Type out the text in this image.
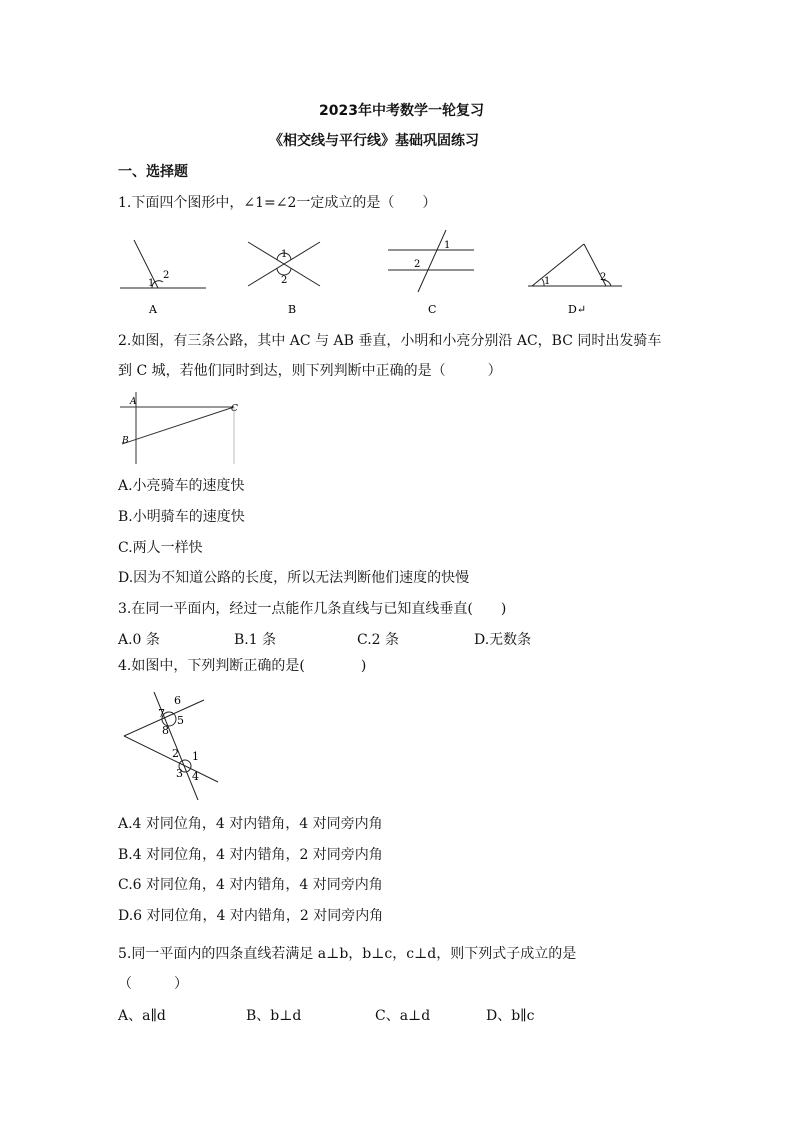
2023年中考数学一轮复习
《相交线与平行线》基础巩固练习
一、选择题
1.下面四个图形中，∠1=∠2一定成立的是（　　）
1
2
A
1
2
B
1
2
C
1	2
D↵
2.如图，有三条公路，其中 AC 与 AB 垂直，小明和小亮分别沿 AC，BC 同时出发骑车
到 C 城，若他们同时到达，则下列判断中正确的是（　　　）
A
B
C
A.小亮骑车的速度快
B.小明骑车的速度快
C.两人一样快
D.因为不知道公路的长度，所以无法判断他们速度的快慢
3.在同一平面内，经过一点能作几条直线与已知直线垂直(　　)
A.0 条	B.1 条	C.2 条	D.无数条
4.如图中，下列判断正确的是(　　　　)
1
2
3 4
5
6
7
8
A.4 对同位角，4 对内错角，4 对同旁内角
B.4 对同位角，4 对内错角，2 对同旁内角
C.6 对同位角，4 对内错角，4 对同旁内角
D.6 对同位角，4 对内错角，2 对同旁内角
5.同一平面内的四条直线若满足 a⊥b，b⊥c，c⊥d，则下列式子成立的是
（　　　）
A、a∥d	B、b⊥d	C、a⊥d	D、b∥c
